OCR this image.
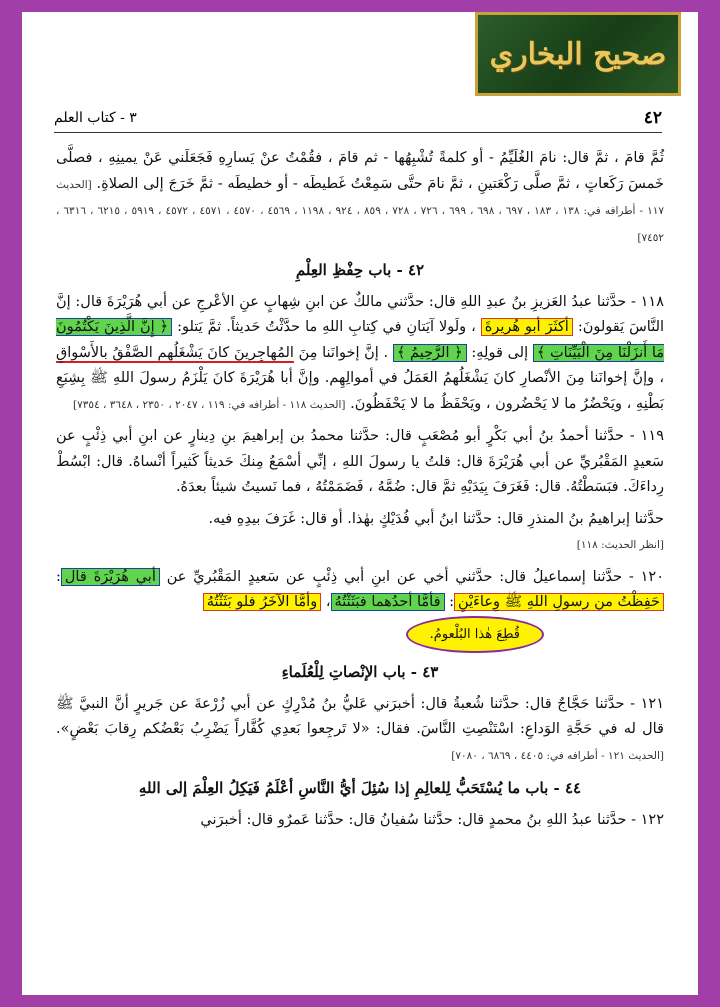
صحيح البخاري
٤٢
٣ - كتاب العلم

ثُمَّ قامَ ، ثمَّ قال: نامَ الغُلَيِّمُ - أو كلمةً تُشْبِهُها - ثم قامَ ، فقُمْتُ عنْ يَسارِهِ فَجَعَلَني عَنْ يمينِهِ ، فصلَّى خَمسَ رَكَعاتٍ ، ثمَّ صلَّى رَكْعَتينِ ، ثمَّ نامَ حتَّى سَمِعْتُ غَطيطَه - أو خطيطَه - ثمَّ خَرَجَ إلى الصلاةِ. [الحديث ١١٧ - أطرافه في: ١٣٨ ، ١٨٣ ، ٦٩٧ ، ٦٩٨ ، ٦٩٩ ، ٧٢٦ ، ٧٢٨ ، ٨٥٩ ، ٩٢٤ ، ١١٩٨ ، ٤٥٦٩ ، ٤٥٧٠ ، ٤٥٧١ ، ٤٥٧٢ ، ٥٩١٩ ، ٦٢١٥ ، ٦٣١٦ ، ٧٤٥٢]

٤٢ - باب حِفْظِ العِلْمِ

١١٨ - حدَّثنا عبدُ العَزيزِ بنُ عبدِ اللهِ قال: حدَّثني مالكٌ عن ابنِ شِهابٍ عنِ الأعْرجِ عن أبي هُرَيْرَةَ قال: إنَّ النَّاسَ يَقولونَ: أكثَرَ أبو هُريرةَ ، ولَولا آيَتانِ في كِتابِ اللهِ ما حدَّثْتُ حَديثاً. ثمَّ يَتلو: ﴿ إِنَّ الَّذِينَ يَكْتُمُونَ مَا أَنزَلْنَا مِنَ الْبَيِّنَاتِ ﴾ إلى قولِهِ: ﴿ الرَّحِيمُ ﴾ . إنَّ إخوانَنا مِنَ المُهاجِرينَ كانَ يَشْغَلُهم الصَّفْقُ بالأَسْواقِ ، وإنَّ إخوانَنا مِنَ الأنْصارِ كانَ يَشْغَلُهمُ العَمَلُ في أموالِهِم. وإنَّ أبا هُرَيْرَةَ كانَ يَلْزَمُ رسولَ اللهِ ﷺ بِشِبَعِ بَطْنِهِ ، ويَحْضُرُ ما لا يَحْضُرون ، ويَحْفَظُ ما لا يَحْفَظُونَ. [الحديث ١١٨ - أطرافه في: ١١٩ ، ٢٠٤٧ ، ٢٣٥٠ ، ٣٦٤٨ ، ٧٣٥٤]

١١٩ - حدَّثنا أحمدُ بنُ أبي بَكْرٍ أبو مُصْعَبٍ قال: حدَّثنا محمدُ بن إبراهيمَ بنِ دِينارٍ عن ابنِ أبي ذِئْبٍ عن سَعيدٍ المَقْبُريِّ عن أبي هُرَيْرَةَ قال: قلتُ يا رسولَ اللهِ ، إنِّي أسْمَعُ مِنكَ حَديثاً كَثيراً أنْساهُ. قال: ابْسُطْ رِداءَكَ. فبَسَطْتُهُ. قال: فَغَرَفَ بِيَدَيْهِ ثمَّ قال: ضُمَّهُ ، فَضَمَمْتُهُ ، فما نَسيتُ شيئاً بعدَهُ.

حدَّثنا إبراهيمُ بنُ المنذرِ قال: حدَّثنا ابنُ أبي فُدَيْكٍ بهٰذا. أو قال: غَرَفَ بيدِهِ فيه.
[انظر الحديث: ١١٨]

١٢٠ - حدَّثنا إسماعيلُ قال: حدَّثني أخي عن ابنِ أبي ذِئْبٍ عن سَعيدٍ المَقْبُريِّ عن أبي هُرَيْرَةَ قال: حَفِظْتُ من رسولِ اللهِ ﷺ وِعاءَيْنِ: فأمَّا أحدُهما فبَثَثْتُهُ، وأمَّا الآخَرُ فلو بَثَثْتُهُ
قُطِعَ هٰذا البُلْعومُ.

٤٣ - باب الإنْصاتِ لِلْعُلَماءِ

١٢١ - حدَّثنا حَجَّاجٌ قال: حدَّثنا شُعبةُ قال: أخبرَني عَليُّ بنُ مُدْرِكٍ عن أبي زُرْعةَ عن جَريرٍ أنَّ النبيَّ ﷺ قال له في حَجَّةِ الوَداعِ: اسْتَنْصِتِ النَّاسَ. فقال: «لا تَرجِعوا بَعدِي كُفَّاراً يَضْرِبُ بَعْضُكم رِقابَ بَعْضٍ». [الحديث ١٢١ - أطرافه في: ٤٤٠٥ ، ٦٨٦٩ ، ٧٠٨٠]

٤٤ - باب ما يُسْتَحَبُّ لِلعالِمِ إذا سُئِلَ أيُّ النَّاسِ أعْلَمُ فَيَكِلُ العِلْمَ إلى اللهِ

١٢٢ - حدَّثنا عبدُ اللهِ بنُ محمدٍ قال: حدَّثنا سُفيانُ قال: حدَّثنا عَمرٌو قال: أخبرَني
